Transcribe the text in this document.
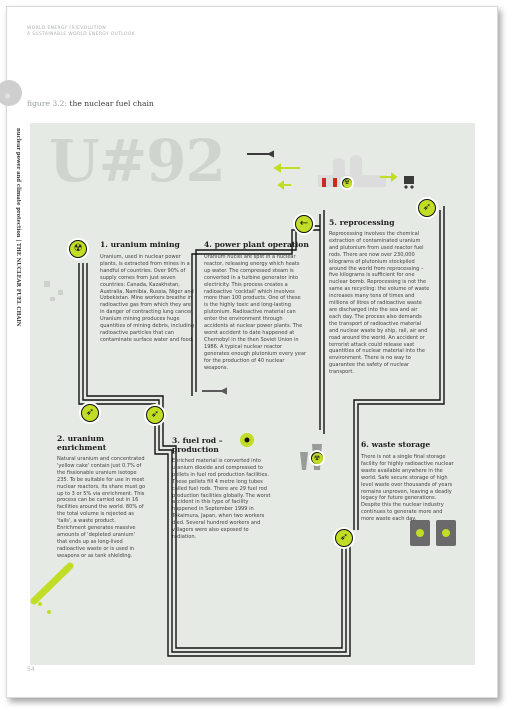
WORLD ENERGY [R]EVOLUTION
A SUSTAINABLE WORLD ENERGY OUTLOOK
⚛
figure 3.2: the nuclear fuel chain
nuclear power and climate protection | THE NUCLEAR FUEL CHAIN U#92
☢
➶	➶
←
➶
➶
☢
☢
1. uranium mining
Uranium, used in nuclear power plants, is extracted from mines in a handful of countries. Over 90% of supply comes from just seven countries: Canada, Kazakhstan, Australia, Namibia, Russia, Niger and Uzbekistan. Mine workers breathe in radioactive gas from which they are in danger of contracting lung cancer. Uranium mining produces huge quantities of mining debris, including radioactive particles that can contaminate surface water and food.
4. power plant operation
Uranium nuclei are split in a nuclear reactor, releasing energy which heats up water. The compressed steam is converted in a turbine generator into electricity. This process creates a radioactive 'cocktail' which involves more than 100 products. One of these is the highly toxic and long-lasting plutonium. Radioactive material can enter the environment through accidents at nuclear power plants. The worst accident to date happened at Chernobyl in the then Soviet Union in 1986. A typical nuclear reactor generates enough plutonium every year for the production of 40 nuclear weapons.
5. reprocessing
Reprocessing involves the chemical extraction of contaminated uranium and plutonium from used reactor fuel rods. There are now over 230,000 kilograms of plutonium stockpiled around the world from reprocessing – five kilograms is sufficient for one nuclear bomb. Reprocessing is not the same as recycling: the volume of waste increases many tens of times and millions of litres of radioactive waste are discharged into the sea and air each day. The process also demands the transport of radioactive material and nuclear waste by ship, rail, air and road around the world. An accident or terrorist attack could release vast quantities of nuclear material into the environment. There is no way to guarantee the safety of nuclear transport.
2. uranium enrichment
Natural uranium and concentrated 'yellow cake' contain just 0.7% of the fissionable uranium isotope 235. To be suitable for use in most nuclear reactors, its share must go up to 3 or 5% via enrichment. This process can be carried out in 16 facilities around the world. 80% of the total volume is rejected as 'tails', a waste product. Enrichment generates massive amounts of 'depleted uranium' that ends up as long-lived radioactive waste or is used in weapons or as tank shielding.
3. fuel rod – production
Enriched material is converted into uranium dioxide and compressed to pellets in fuel rod production facilities. These pellets fill 4 metre long tubes called fuel rods. There are 29 fuel rod production facilities globally. The worst accident in this type of facility happened in September 1999 in Tokaimura, Japan, when two workers died. Several hundred workers and villagers were also exposed to radiation.
6. waste storage
There is not a single final storage facility for highly radioactive nuclear waste available anywhere in the world. Safe secure storage of high level waste over thousands of years remains unproven, leaving a deadly legacy for future generations. Despite this the nuclear industry continues to generate more and more waste each day.
54
